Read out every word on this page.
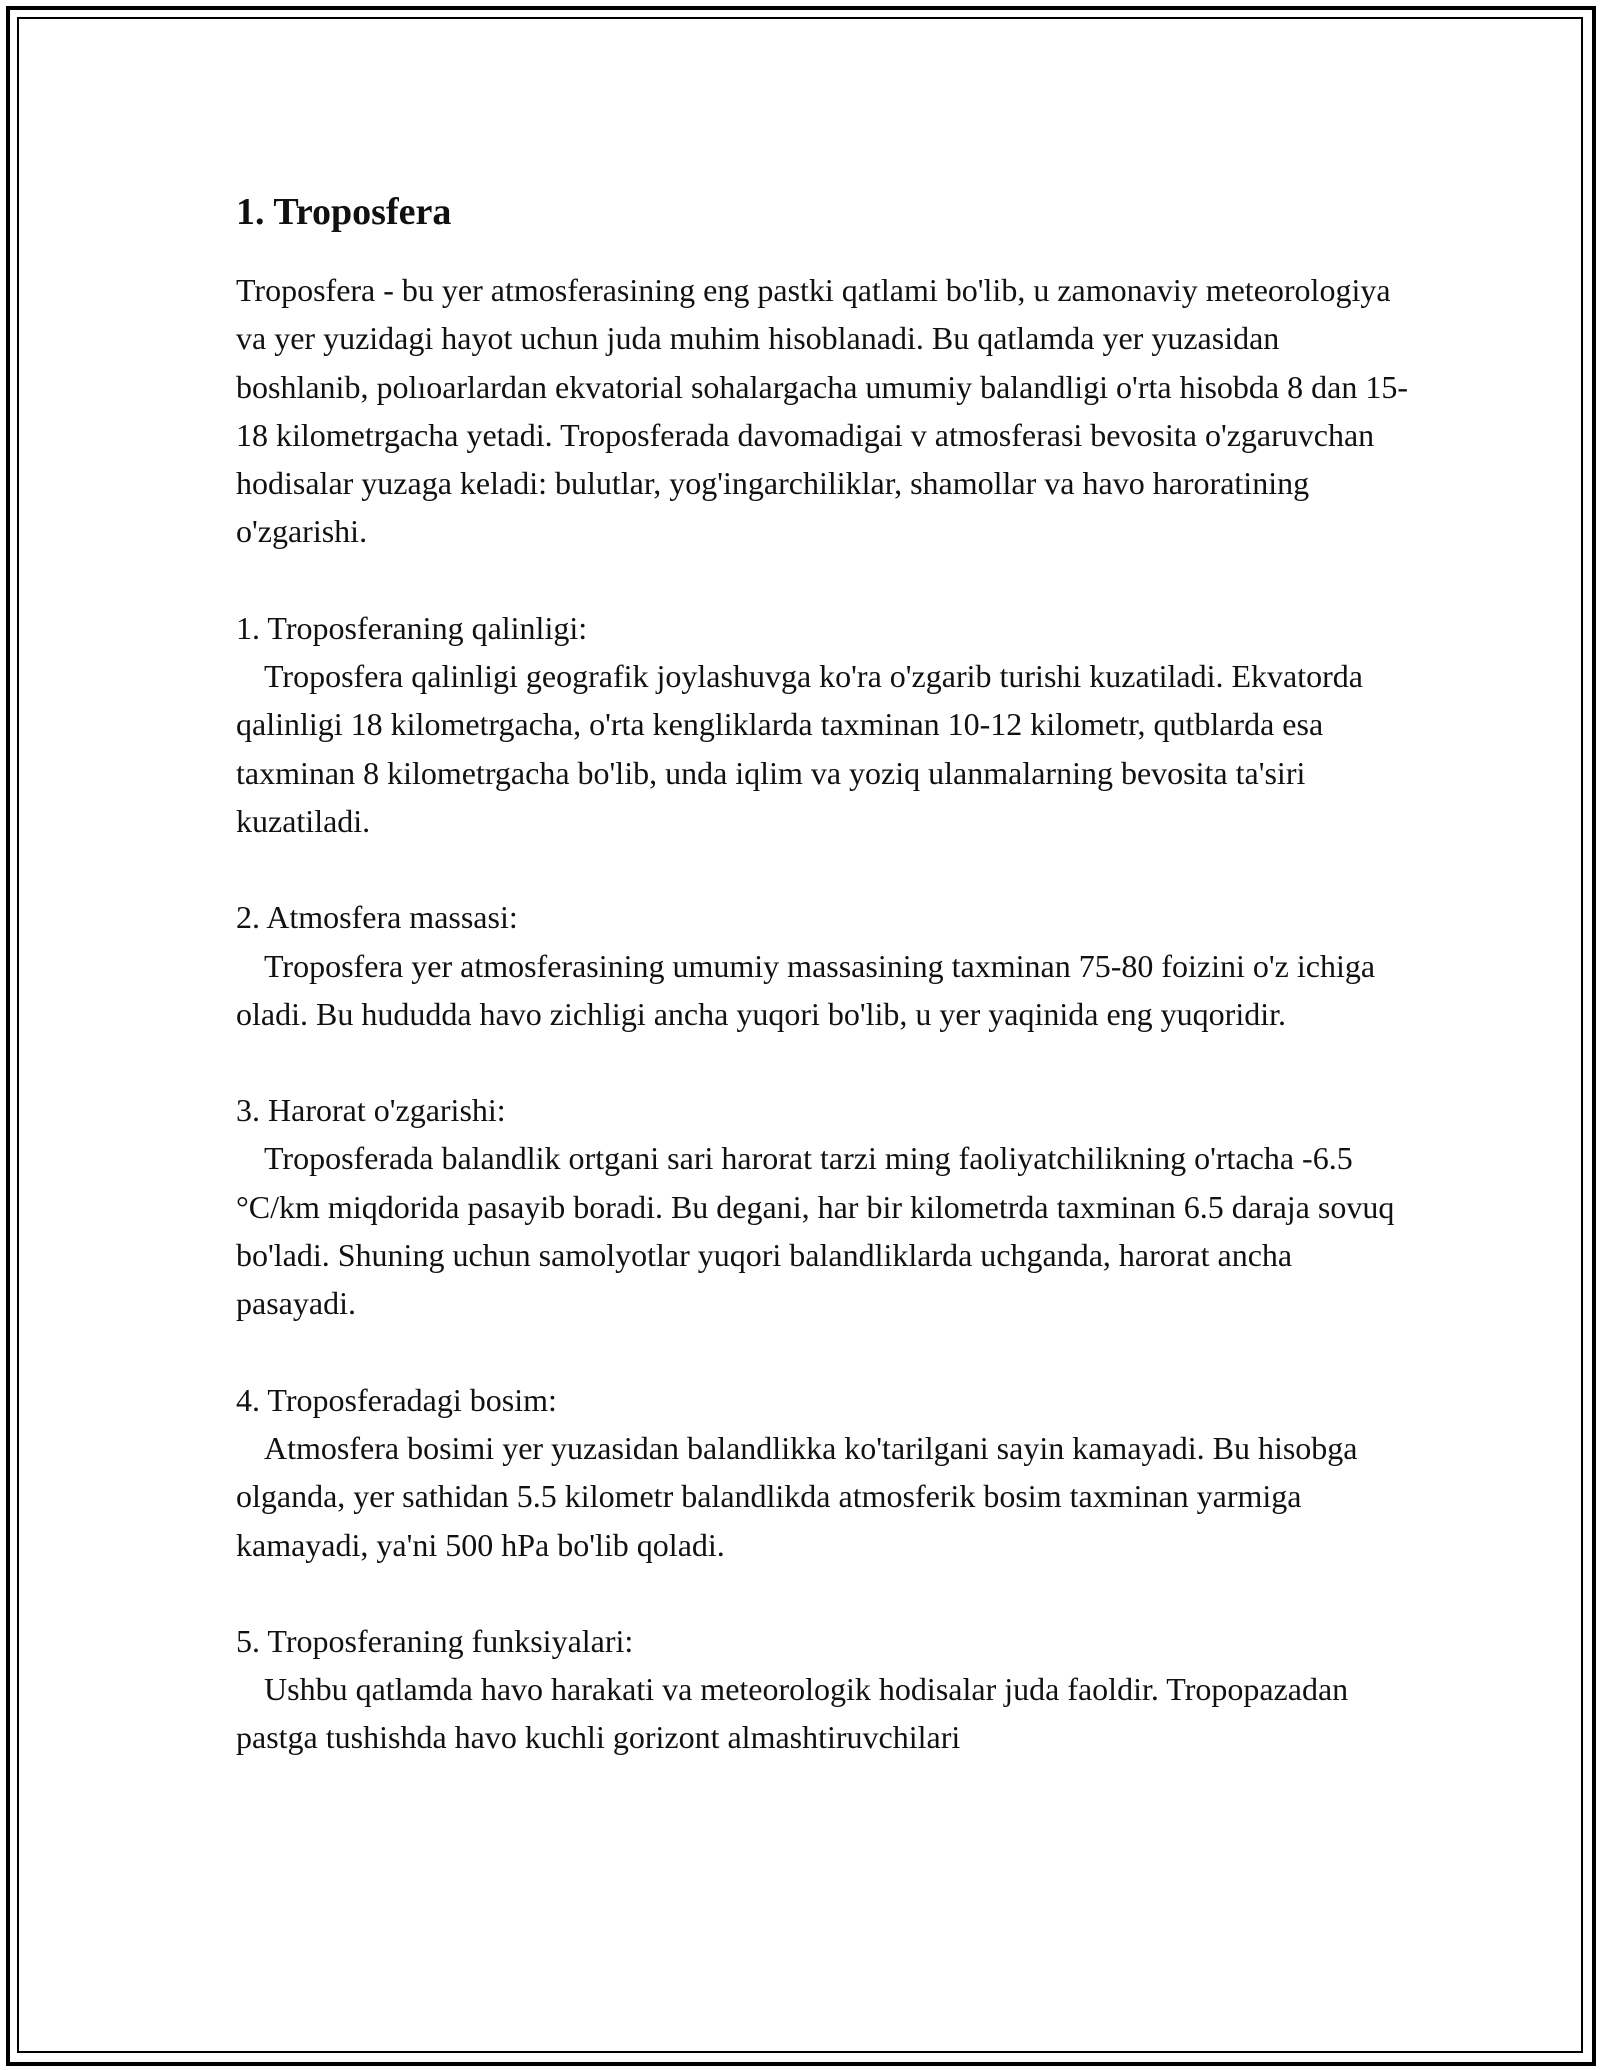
1. Troposfera

Troposfera - bu yer atmosferasining eng pastki qatlami bo'lib, u zamonaviy meteorologiya va yer yuzidagi hayot uchun juda muhim hisoblanadi. Bu qatlamda yer yuzasidan boshlanib, polıoarlardan ekvatorial sohalargacha umumiy balandligi o'rta hisobda 8 dan 15-18 kilometrgacha yetadi. Troposferada davomadigai v atmosferasi bevosita o'zgaruvchan hodisalar yuzaga keladi: bulutlar, yog'ingarchiliklar, shamollar va havo haroratining o'zgarishi.

1. Troposferaning qalinligi:

Troposfera qalinligi geografik joylashuvga ko'ra o'zgarib turishi kuzatiladi. Ekvatorda qalinligi 18 kilometrgacha, o'rta kengliklarda taxminan 10-12 kilometr, qutblarda esa taxminan 8 kilometrgacha bo'lib, unda iqlim va yoziq ulanmalarning bevosita ta'siri kuzatiladi.

2. Atmosfera massasi:

Troposfera yer atmosferasining umumiy massasining taxminan 75-80 foizini o'z ichiga oladi. Bu hududda havo zichligi ancha yuqori bo'lib, u yer yaqinida eng yuqoridir.

3. Harorat o'zgarishi:

Troposferada balandlik ortgani sari harorat tarzi ming faoliyatchilikning o'rtacha -6.5 °C/km miqdorida pasayib boradi. Bu degani, har bir kilometrda taxminan 6.5 daraja sovuq bo'ladi. Shuning uchun samolyotlar yuqori balandliklarda uchganda, harorat ancha pasayadi.

4. Troposferadagi bosim:

Atmosfera bosimi yer yuzasidan balandlikka ko'tarilgani sayin kamayadi. Bu hisobga olganda, yer sathidan 5.5 kilometr balandlikda atmosferik bosim taxminan yarmiga kamayadi, ya'ni 500 hPa bo'lib qoladi.

5. Troposferaning funksiyalari:

Ushbu qatlamda havo harakati va meteorologik hodisalar juda faoldir. Tropopazadan pastga tushishda havo kuchli gorizont almashtiruvchilari
